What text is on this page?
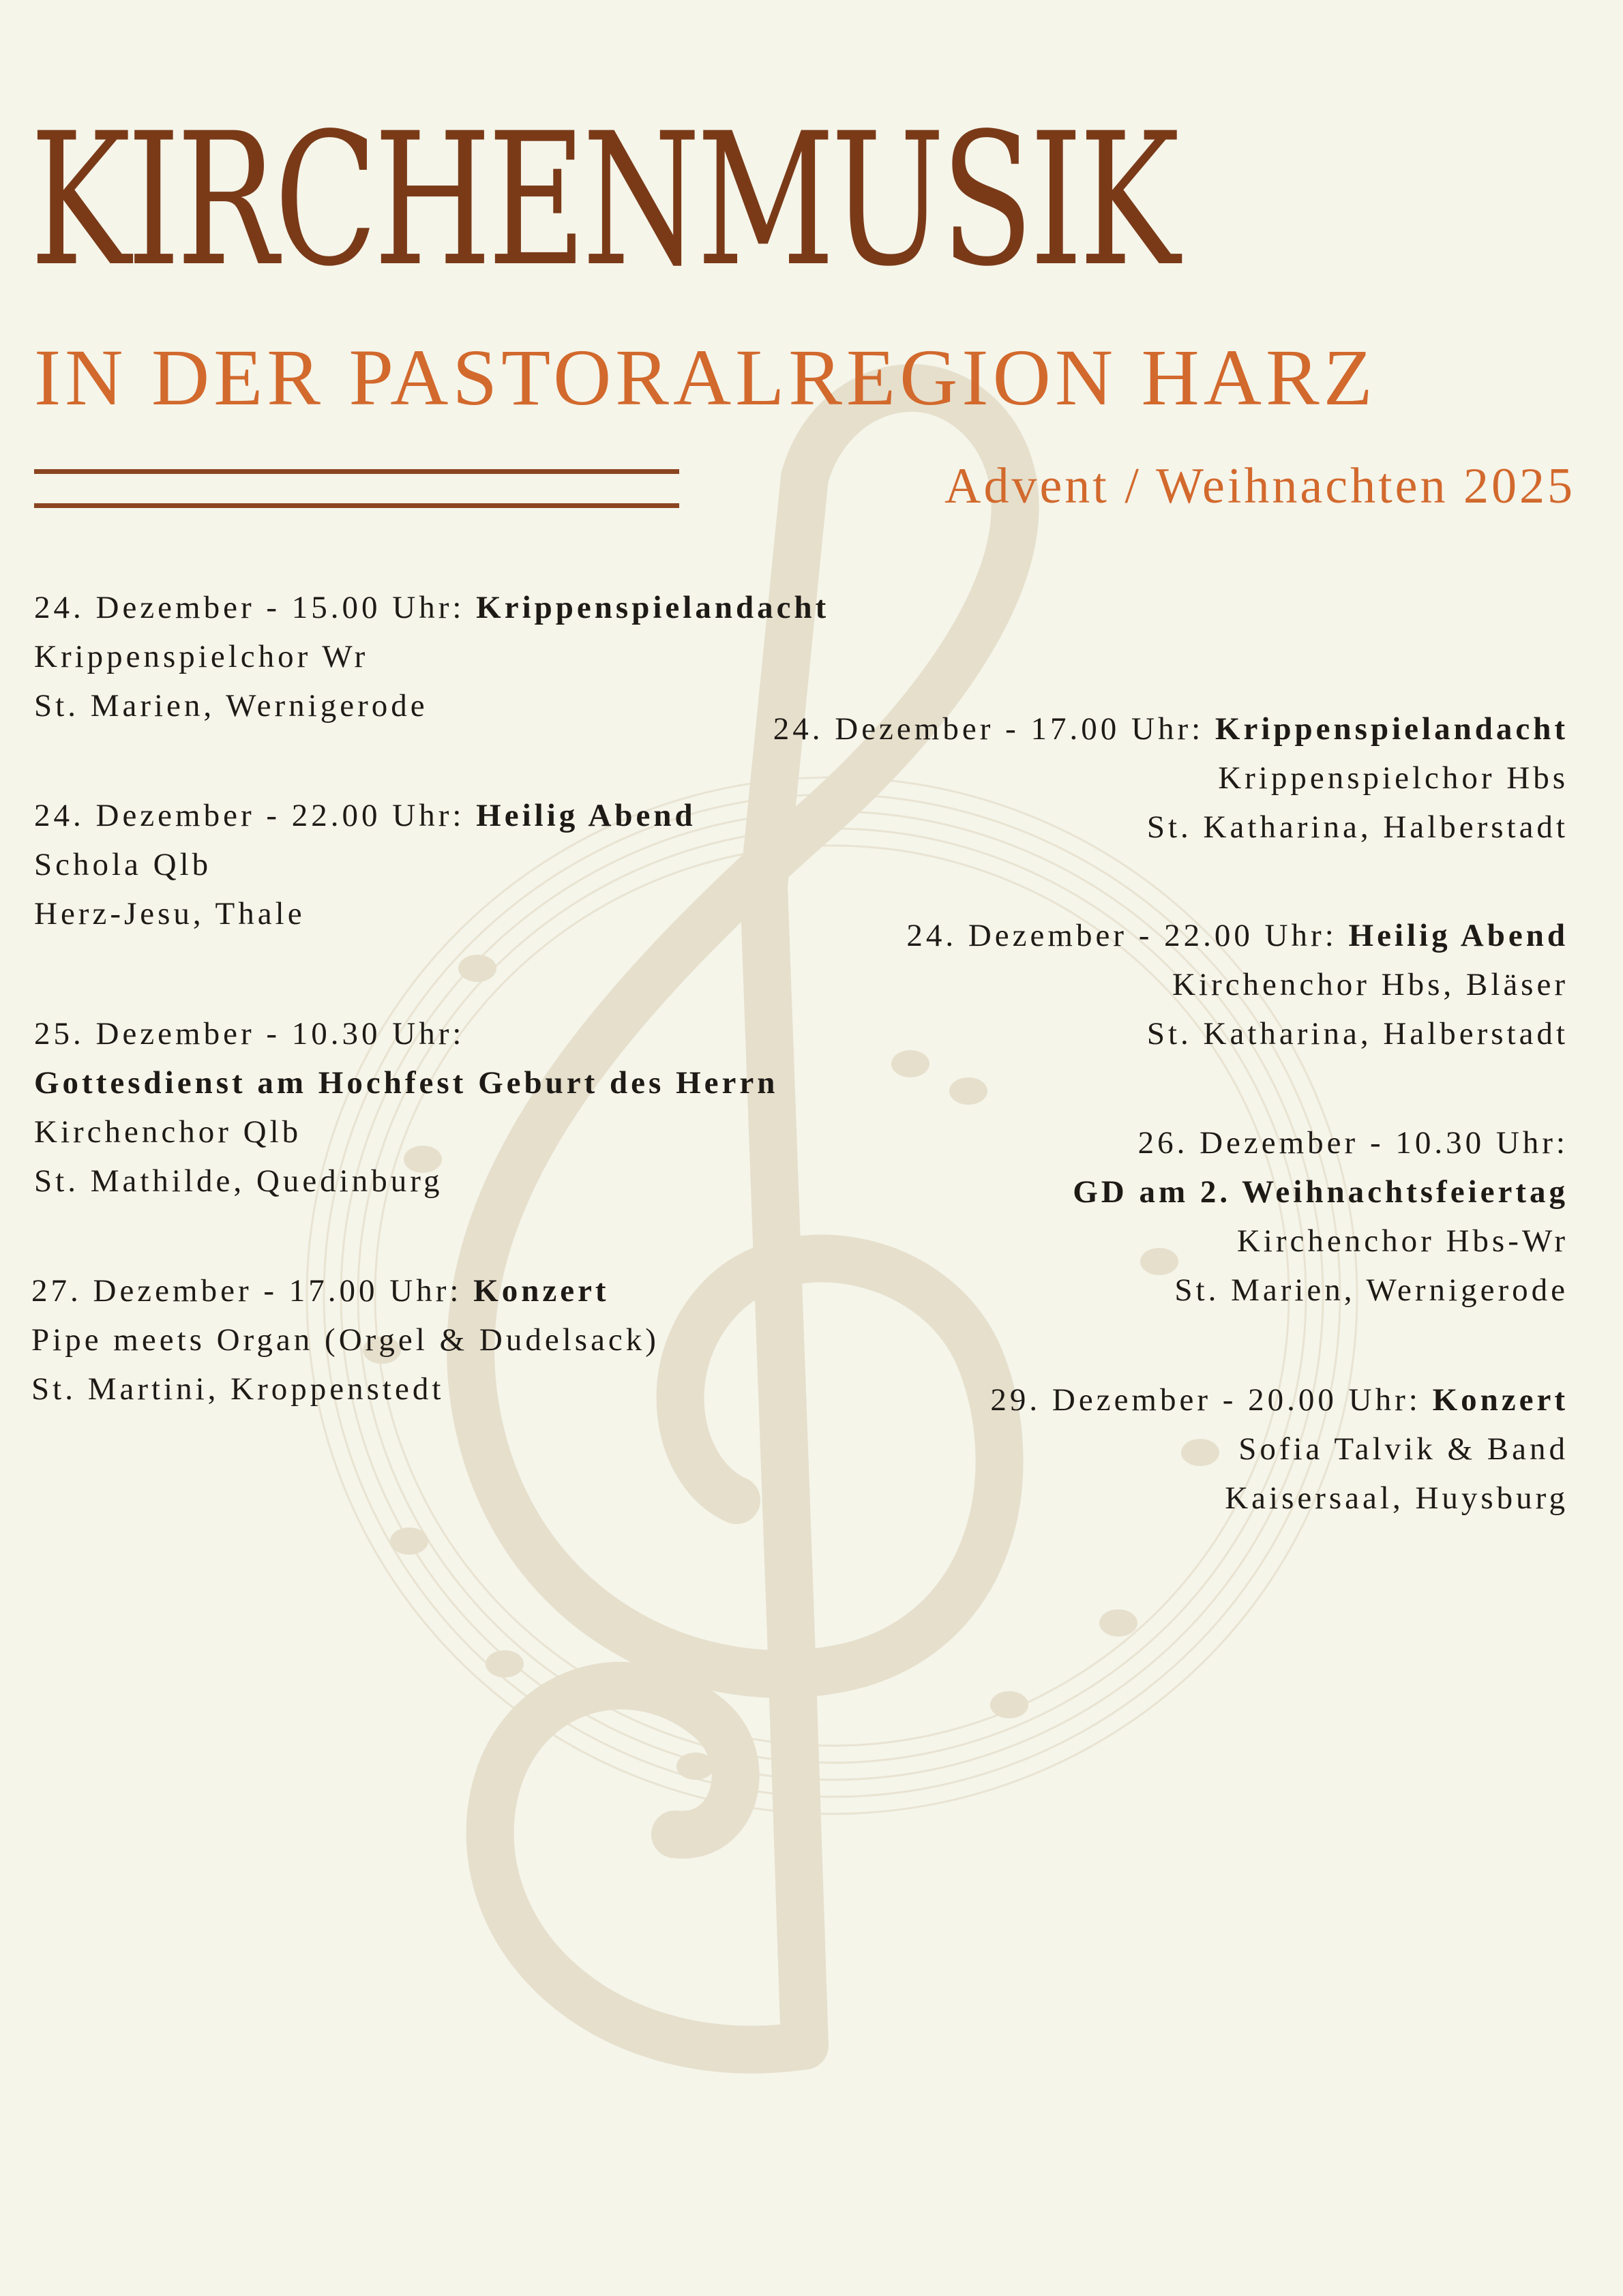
KIRCHENMUSIK
IN DER PASTORALREGION HARZ
Advent / Weihnachten 2025
24. Dezember - 15.00 Uhr: Krippenspielandacht
Krippenspielchor Wr
St. Marien, Wernigerode
24. Dezember - 22.00 Uhr: Heilig Abend
Schola Qlb
Herz-Jesu, Thale
25. Dezember - 10.30 Uhr:
Gottesdienst am Hochfest Geburt des Herrn
Kirchenchor Qlb
St. Mathilde, Quedinburg
27. Dezember - 17.00 Uhr: Konzert
Pipe meets Organ (Orgel & Dudelsack)
St. Martini, Kroppenstedt
24. Dezember - 17.00 Uhr: Krippenspielandacht
Krippenspielchor Hbs
St. Katharina, Halberstadt
24. Dezember - 22.00 Uhr: Heilig Abend
Kirchenchor Hbs, Bläser
St. Katharina, Halberstadt
26. Dezember - 10.30 Uhr:
GD am 2. Weihnachtsfeiertag
Kirchenchor Hbs-Wr
St. Marien, Wernigerode
29. Dezember - 20.00 Uhr: Konzert
Sofia Talvik & Band
Kaisersaal, Huysburg
